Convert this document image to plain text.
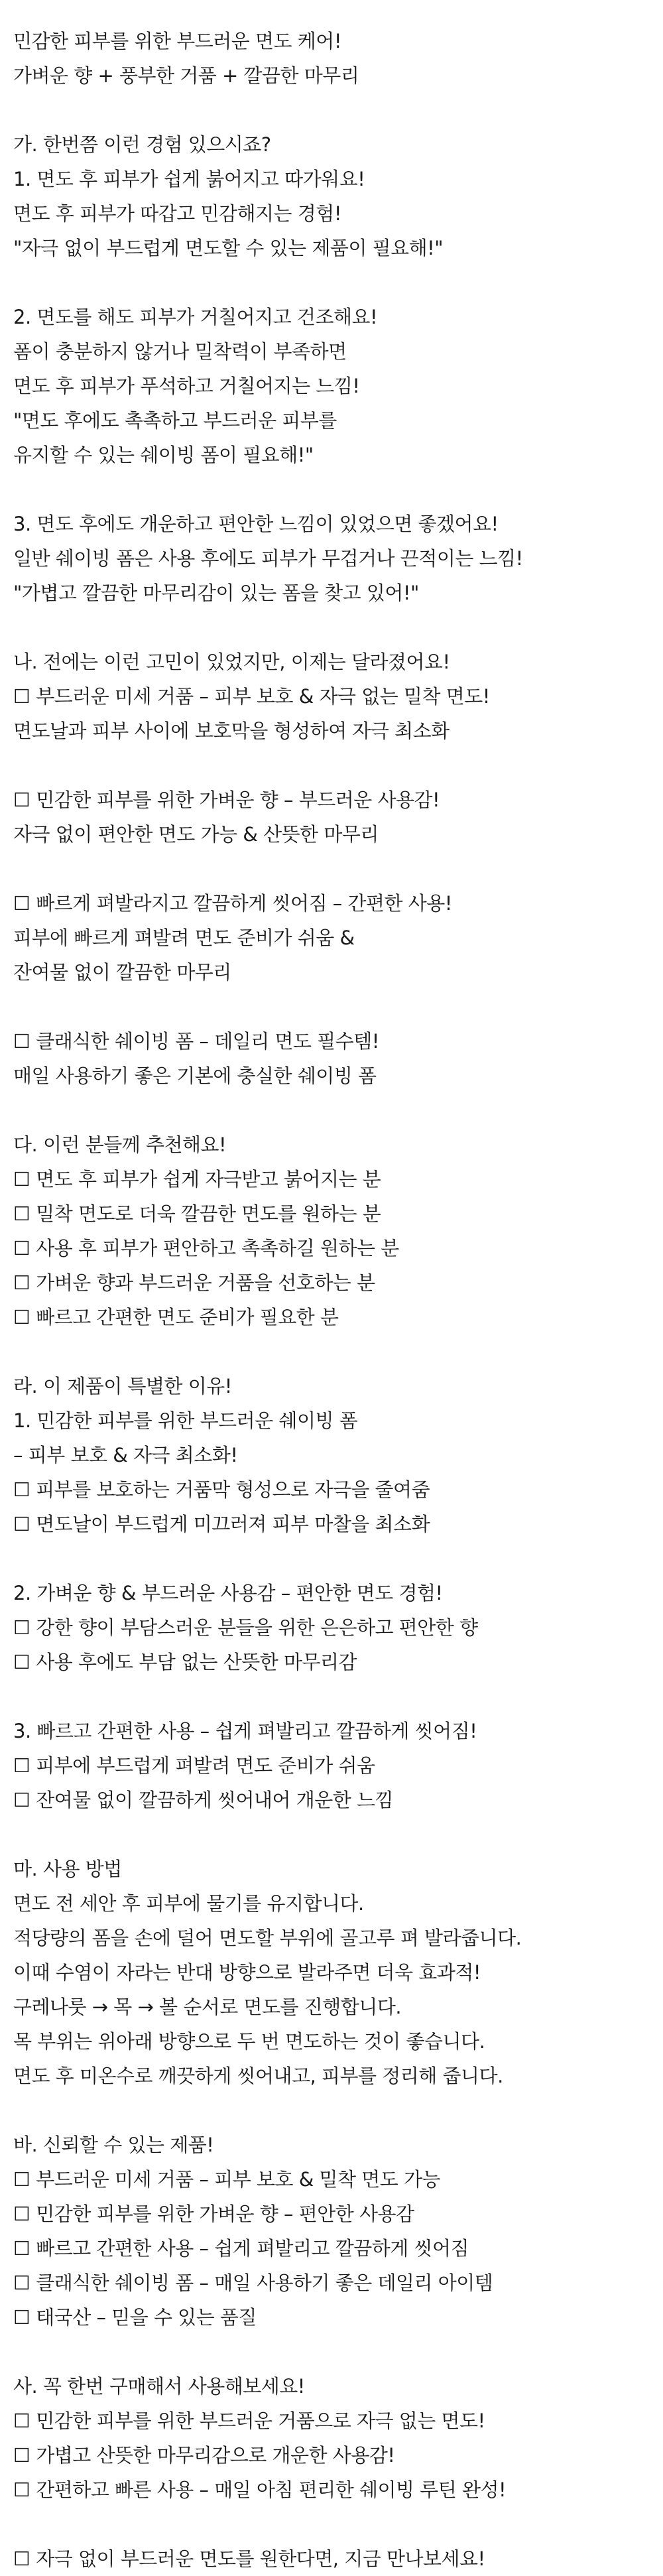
민감한 피부를 위한 부드러운 면도 케어!
가벼운 향 + 풍부한 거품 + 깔끔한 마무리
가. 한번쯤 이런 경험 있으시죠?
1. 면도 후 피부가 쉽게 붉어지고 따가워요!
면도 후 피부가 따갑고 민감해지는 경험!
"자극 없이 부드럽게 면도할 수 있는 제품이 필요해!"
2. 면도를 해도 피부가 거칠어지고 건조해요!
폼이 충분하지 않거나 밀착력이 부족하면
면도 후 피부가 푸석하고 거칠어지는 느낌!
"면도 후에도 촉촉하고 부드러운 피부를
유지할 수 있는 쉐이빙 폼이 필요해!"
3. 면도 후에도 개운하고 편안한 느낌이 있었으면 좋겠어요!
일반 쉐이빙 폼은 사용 후에도 피부가 무겁거나 끈적이는 느낌!
"가볍고 깔끔한 마무리감이 있는 폼을 찾고 있어!"
나. 전에는 이런 고민이 있었지만, 이제는 달라졌어요!
☐ 부드러운 미세 거품 – 피부 보호 & 자극 없는 밀착 면도!
면도날과 피부 사이에 보호막을 형성하여 자극 최소화
☐ 민감한 피부를 위한 가벼운 향 – 부드러운 사용감!
자극 없이 편안한 면도 가능 & 산뜻한 마무리
☐ 빠르게 펴발라지고 깔끔하게 씻어짐 – 간편한 사용!
피부에 빠르게 펴발려 면도 준비가 쉬움 &
잔여물 없이 깔끔한 마무리
☐ 클래식한 쉐이빙 폼 – 데일리 면도 필수템!
매일 사용하기 좋은 기본에 충실한 쉐이빙 폼
다. 이런 분들께 추천해요!
☐ 면도 후 피부가 쉽게 자극받고 붉어지는 분
☐ 밀착 면도로 더욱 깔끔한 면도를 원하는 분
☐ 사용 후 피부가 편안하고 촉촉하길 원하는 분
☐ 가벼운 향과 부드러운 거품을 선호하는 분
☐ 빠르고 간편한 면도 준비가 필요한 분
라. 이 제품이 특별한 이유!
1. 민감한 피부를 위한 부드러운 쉐이빙 폼
– 피부 보호 & 자극 최소화!
☐ 피부를 보호하는 거품막 형성으로 자극을 줄여줌
☐ 면도날이 부드럽게 미끄러져 피부 마찰을 최소화
2. 가벼운 향 & 부드러운 사용감 – 편안한 면도 경험!
☐ 강한 향이 부담스러운 분들을 위한 은은하고 편안한 향
☐ 사용 후에도 부담 없는 산뜻한 마무리감
3. 빠르고 간편한 사용 – 쉽게 펴발리고 깔끔하게 씻어짐!
☐ 피부에 부드럽게 펴발려 면도 준비가 쉬움
☐ 잔여물 없이 깔끔하게 씻어내어 개운한 느낌
마. 사용 방법
면도 전 세안 후 피부에 물기를 유지합니다.
적당량의 폼을 손에 덜어 면도할 부위에 골고루 펴 발라줍니다.
이때 수염이 자라는 반대 방향으로 발라주면 더욱 효과적!
구레나룻 → 목 → 볼 순서로 면도를 진행합니다.
목 부위는 위아래 방향으로 두 번 면도하는 것이 좋습니다.
면도 후 미온수로 깨끗하게 씻어내고, 피부를 정리해 줍니다.
바. 신뢰할 수 있는 제품!
☐ 부드러운 미세 거품 – 피부 보호 & 밀착 면도 가능
☐ 민감한 피부를 위한 가벼운 향 – 편안한 사용감
☐ 빠르고 간편한 사용 – 쉽게 펴발리고 깔끔하게 씻어짐
☐ 클래식한 쉐이빙 폼 – 매일 사용하기 좋은 데일리 아이템
☐ 태국산 – 믿을 수 있는 품질
사. 꼭 한번 구매해서 사용해보세요!
☐ 민감한 피부를 위한 부드러운 거품으로 자극 없는 면도!
☐ 가볍고 산뜻한 마무리감으로 개운한 사용감!
☐ 간편하고 빠른 사용 – 매일 아침 편리한 쉐이빙 루틴 완성!
☐ 자극 없이 부드러운 면도를 원한다면, 지금 만나보세요!
